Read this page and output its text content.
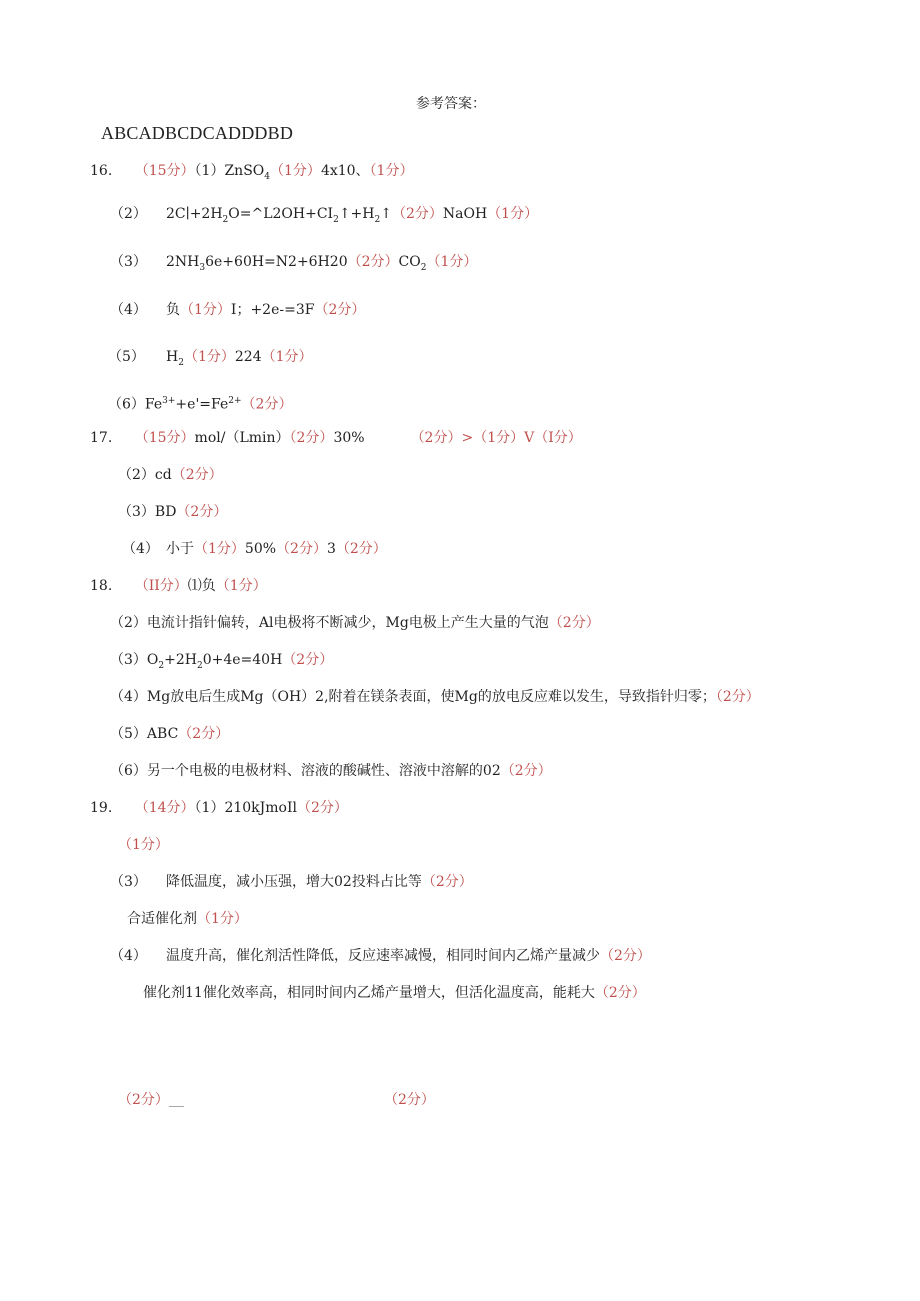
参考答案：
ABCADBCDCADDDBD
16. （15分）（1）ZnSO$_4$（1分）4x10、（1分）
（2） $2C∣+2H_2O=\^{}L2OH+CI_2↑+H_2↑(2$分）NaOH（1分）
（3） $2NH_36e+60H=N2+6H20(2$分）$CO_2(1$分）
（4） 负（1分）I；+2e-=3F（2分）
（5） $H_2(1$分）224（1分）
$(6)Fe^{3+}+e'=Fe^{2+}(2$分）
17. （15分）mol/（Lmin）（2分）30%	（2分）>（1分）V（I分）
（2）cd（2分）
（3）BD（2分）
（4） 小于（1分）50%（2分）3（2分）
18. （II分）⑴负（1分）
（2）电流计指针偏转，Al电极将不断减少，Mg电极上产生大量的气泡（2分）
$(3)O_2+2H_20+4e=40H(2$分）
（4）Mg放电后生成Mg（OH）2,附着在镁条表面，使Mg的放电反应难以发生，导致指针归零；（2分）
（5）ABC（2分）
（6）另一个电极的电极材料、溶液的酸碱性、溶液中溶解的02（2分）
19. （14分）（1）210kJmoIl（2分）
（1分）
（3） 降低温度，减小压强，增大02投料占比等（2分）
合适催化剂（1分）
（4） 温度升高，催化剂活性降低，反应速率减慢，相同时间内乙烯产量减少（2分）
催化剂11催化效率高，相同时间内乙烯产量增大，但活化温度高，能耗大（2分）
（2分）___	（2分）
